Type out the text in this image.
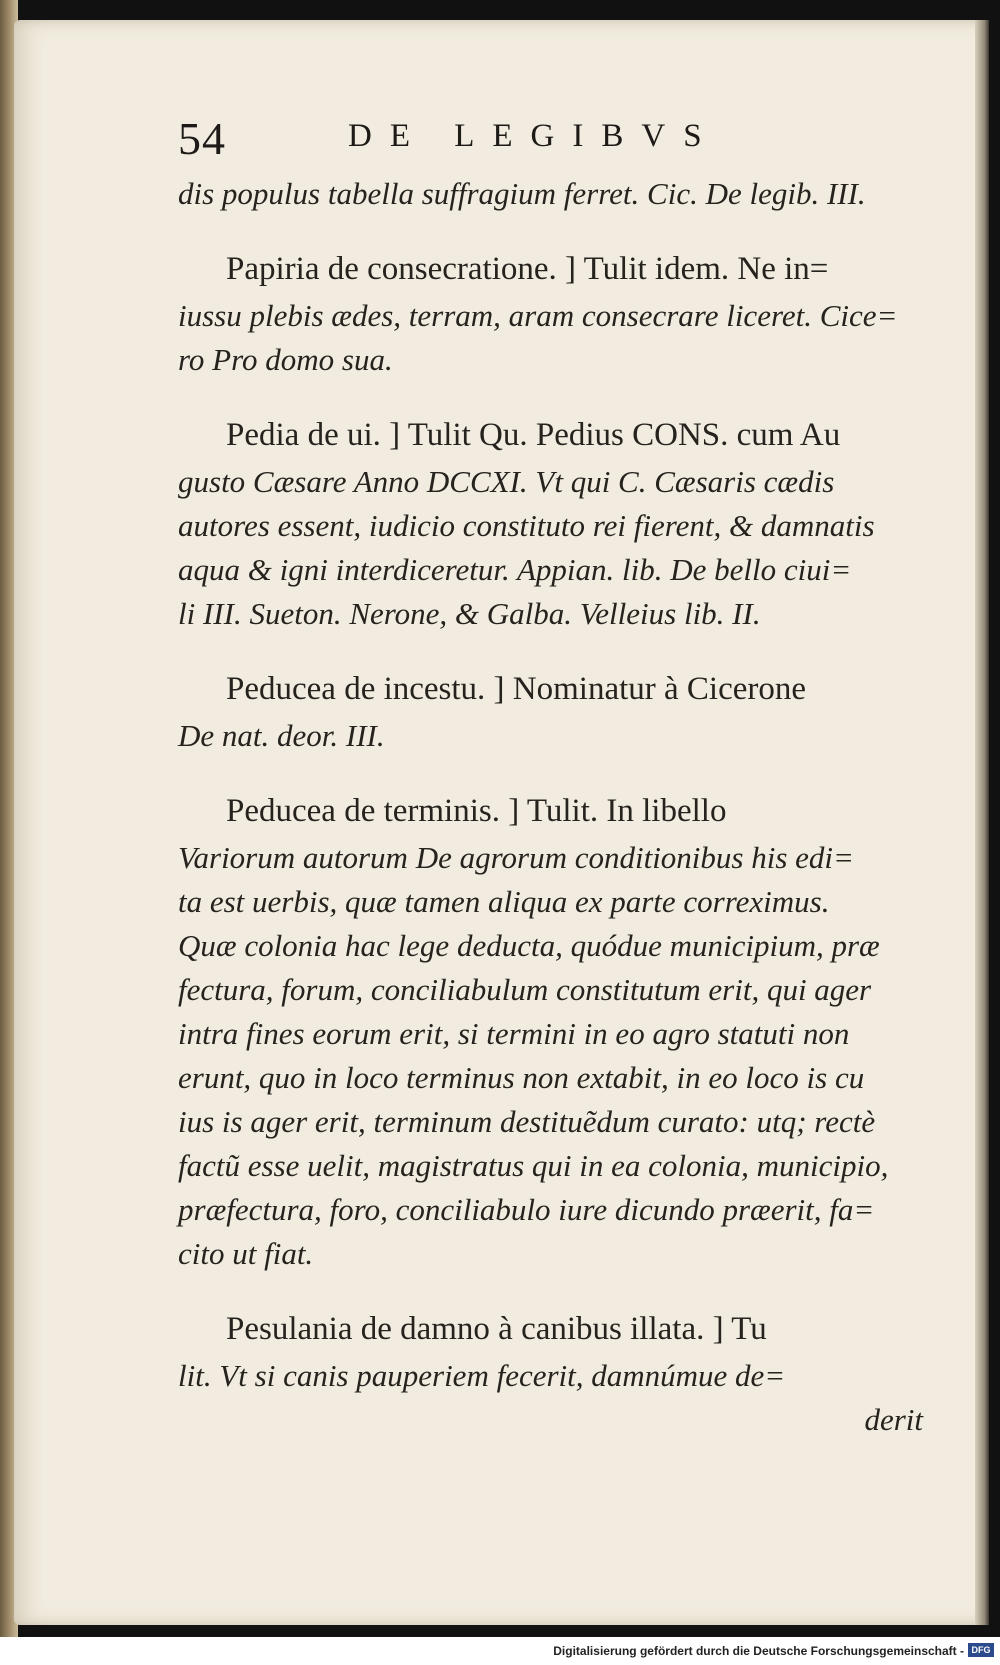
54	DE LEGIBVS
dis populus tabella suffragium ferret. Cic. De legib. III.
Papiria de consecratione. ] Tulit idem. Ne in=
iussu plebis ædes, terram, aram consecrare liceret. Cice=
ro Pro domo sua.
Pedia de ui. ] Tulit Qu. Pedius CONS. cum Au
gusto Cæsare Anno DCCXI. Vt qui C. Cæsaris cædis
autores essent, iudicio constituto rei fierent, & damnatis
aqua & igni interdiceretur. Appian. lib. De bello ciui=
li III. Sueton. Nerone, & Galba. Velleius lib. II.
Peducea de incestu. ] Nominatur à Cicerone
De nat. deor. III.
Peducea de terminis. ] Tulit. In libello
Variorum autorum De agrorum conditionibus his edi=
ta est uerbis, quæ tamen aliqua ex parte correximus.
Quæ colonia hac lege deducta, quódue municipium, præ
fectura, forum, conciliabulum constitutum erit, qui ager
intra fines eorum erit, si termini in eo agro statuti non
erunt, quo in loco terminus non extabit, in eo loco is cu
ius is ager erit, terminum destituẽdum curato: utq; rectè
factũ esse uelit, magistratus qui in ea colonia, municipio,
præfectura, foro, conciliabulo iure dicundo præerit, fa=
cito ut fiat.
Pesulania de damno à canibus illata. ] Tu
lit. Vt si canis pauperiem fecerit, damnúmue de=
derit
Digitalisierung gefördert durch die Deutsche Forschungsgemeinschaft - DFG
